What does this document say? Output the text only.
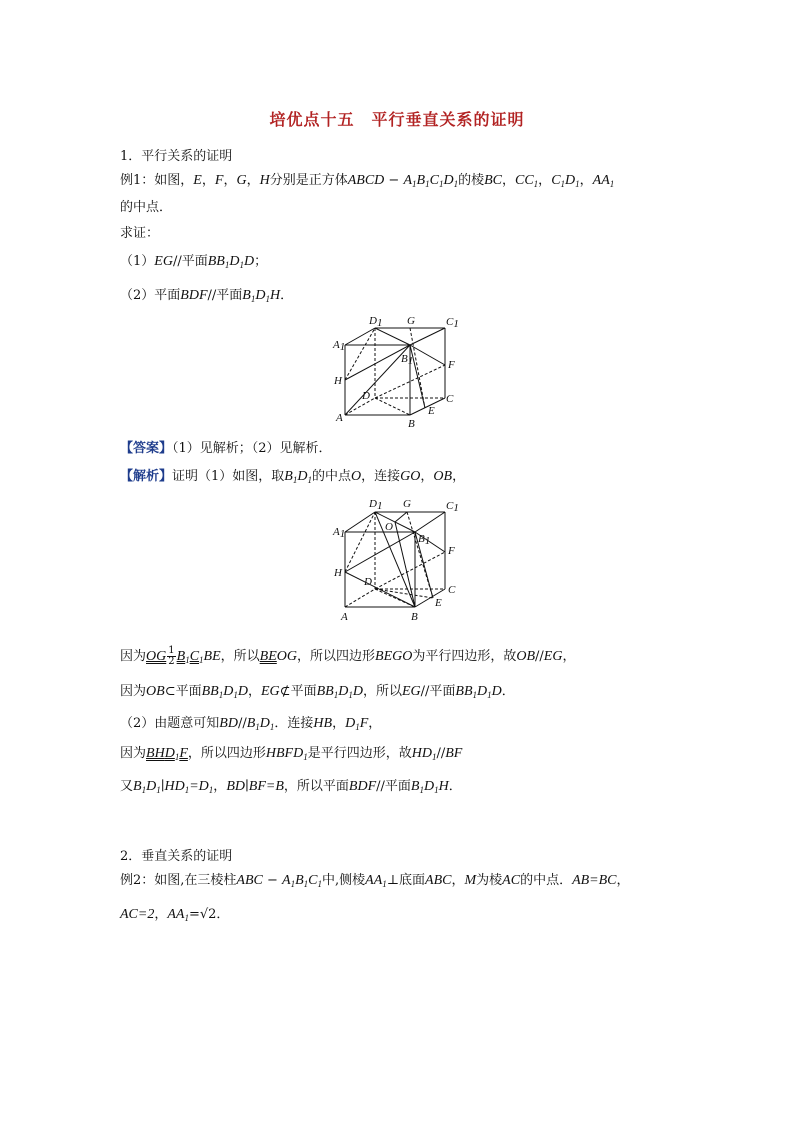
培优点十五　平行垂直关系的证明
1．平行关系的证明
例1：如图，E，F，G，H分别是正方体ABCD − $A_1B_1C_1D_1$的棱BC，$CC_1$，$C_1D_1$，$AA_1$
的中点．
求证：
（1）EG//平面$BB_1D_1D$；
（2）平面BDF//平面$B_1D_1H$．
D1 G	C1
A1
B1	F
H
D	C
E
A	B
【答案】（1）见解析；（2）见解析．
【解析】证明（1）如图，取$B_1D_1$的中点O，连接GO，OB，
D1 G	C1
O
A1	B1
F
H
D
C
E
A	B
因为OG $\frac{1}{2} B_1C_1BE$，所以BEOG，所以四边形BEGO为平行四边形，故OB//EG，
因为OB⊂平面$BB_1D_1D$，EG⊄平面$BB_1D_1D$，所以EG//平面$BB_1D_1D$．
（2）由题意可知$BD//B_1D_1$．连接HB，$D_1F$，
因为$BHD_1F$，所以四边形$HBFD_1$是平行四边形，故$HD_1//BF$
又$B_1D_1∣HD_1=D_1$，BD∣BF=B，所以平面BDF//平面$B_1D_1H$．
2．垂直关系的证明
例2：如图,在三棱柱ABC − $A_1B_1C_1$中,侧棱$AA_1\perp$底面ABC，M为棱AC的中点．AB=BC，
AC=2，$AA_1=√2$．
